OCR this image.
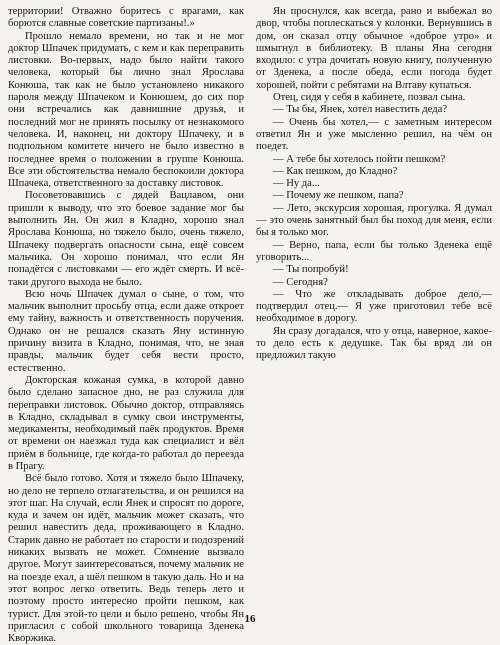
территории! Отважно боритесь с врагами, как борются славные советские партизаны!.»

Прошло немало времени, но так и не мог доктор Шпачек придумать, с кем и как переправить листовки. Во-первых, надо было найти такого человека, который бы лично знал Ярослава Конюша, так как не было установлено никакого пароля между Шпачеком и Конюшем, до сих пор они встречались как давнишние друзья, и последний мог не принять посылку от незнакомого человека. И, наконец, ни доктору Шпачеку, и в подпольном комитете ничего не было известно в последнее время о положении в группе Конюша. Все эти обстоятельства немало беспокоили доктора Шпачека, ответственного за доставку листовок.

Посоветовавшись с дядей Вацлавом, они пришли к выводу, что это боевое задание мог бы выполнить Ян. Он жил в Кладно, хорошо знал Ярослава Конюша, но тяжело было, очень тяжело, Шпачеку подвергать опасности сына, ещё совсем мальчика. Он хорошо понимал, что если Ян попадётся с листовками — его ждёт смерть. И всё-таки другого выхода не было.

Всю ночь Шпачек думал о сыне, о том, что мальчик выполнит просьбу отца, если даже откроет ему тайну, важность и ответственность поручения. Однако он не решался сказать Яну истинную причину визита в Кладно, понимая, что, не зная правды, мальчик будет себя вести просто, естественно.

Докторская кожаная сумка, в которой давно было сделано запасное дно, не раз служила для переправки листовок. Обычно доктор, отправляясь в Кладно, складывал в сумку свои инструменты, медикаменты, необходимый паёк продуктов. Время от времени он наезжал туда как специалист и вёл приём в больнице, где когда-то работал до переезда в Прагу.

Всё было готово. Хотя и тяжело было Шпачеку, но дело не терпело отлагательства, и он решился на этот шаг. На случай, если Янек и спросят по дороге, куда и зачем он идёт, мальчик может сказать, что решил навестить деда, проживающего в Кладно. Старик давно не работает по старости и подозрений никаких вызвать не может. Сомнение вызвало другое. Могут заинтересоваться, почему мальчик не на поезде ехал, а шёл пешком в такую даль. Но и на этот вопрос легко ответить. Ведь теперь лето и поэтому просто интересно пройти пешком, как турист. Для этой-то цели и было решено, чтобы Ян пригласил с собой школьного товарища Зденека Кворжика.

Ян проснулся, как всегда, рано и выбежал во двор, чтобы поплескаться у колонки. Вернувшись в дом, он сказал отцу обычное «доброе утро» и шмыгнул в библиотеку. В планы Яна сегодня входило: с утра дочитать новую книгу, полученную от Зденека, а после обеда, если погода будет хорошей, пойти с ребятами на Влтаву купаться.

Отец, сидя у себя в кабинете, позвал сына.

— Ты бы, Янек, хотел навестить деда?

— Очень бы хотел,— с заметным интересом ответил Ян и уже мысленно решил, на чём он поедет.

— А тебе бы хотелось пойти пешком?

— Как пешком, до Кладно?

— Ну да...

— Почему же пешком, папа?

— Лето, экскурсия хорошая, прогулка. Я думал — это очень занятный был бы поход для меня, если бы я только мог.

— Верно, папа, если бы только Зденека ещё уговорить...

— Ты попробуй!

— Сегодня?

— Что же откладывать доброе дело,— подтвердил отец.— Я уже приготовил тебе всё необходимое в дорогу.

Ян сразу догадался, что у отца, наверное, какое-то дело есть к дедушке. Так бы вряд ли он предложил такую

16
